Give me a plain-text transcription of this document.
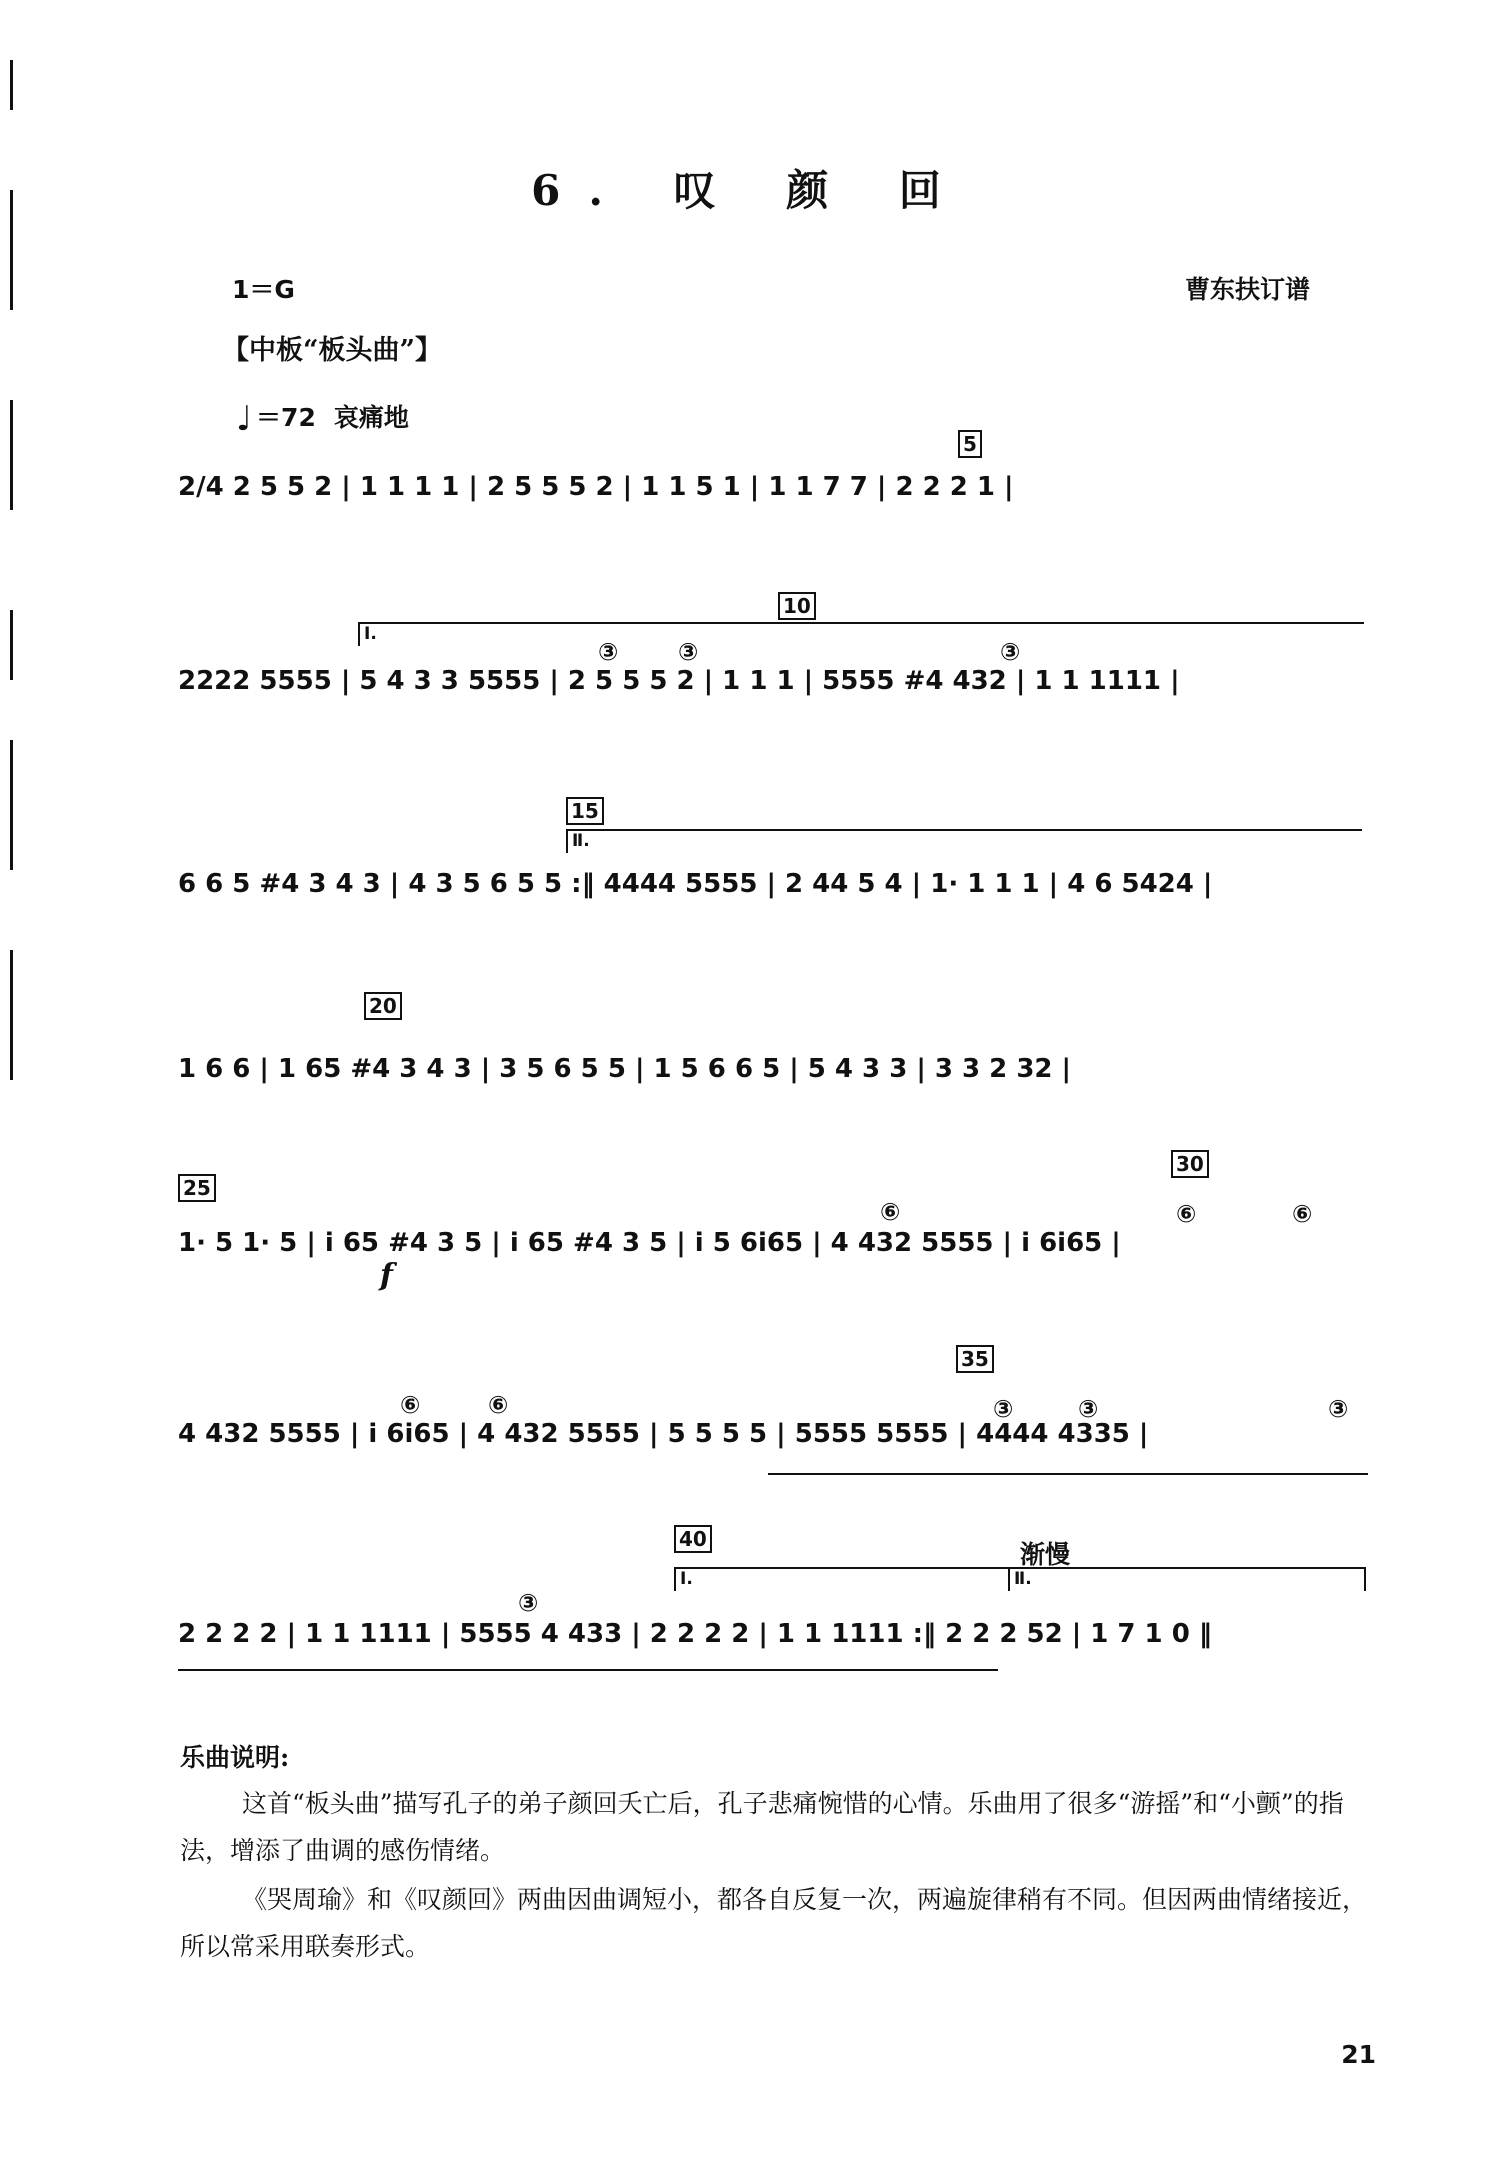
6. 叹 颜 回
1＝G	曹东扶订谱
【中板“板头曲”】
♩ ＝72 哀痛地
5
2/4 2 5 5 2 | 1 1 1 1 | 2 5 5 5 2 | 1 1 5 1 | 1 1 7 7 | 2 2 2 1 |
10
Ⅰ.
③ ③	③
2222 5555 | 5 4 3 3 5555 | 2 5 5 5 2 | 1 1 1 | 5555 #4 432 | 1 1 1111 |
15
Ⅱ.
6 6 5 #4 3 4 3 | 4 3 5 6 5 5 :‖ 4444 5555 | 2 44 5 4 | 1· 1 1 1 | 4 6 5424 |
20
1 6 6 | 1 65 #4 3 4 3 | 3 5 6 5 5 | 1 5 6 6 5 | 5 4 3 3 | 3 3 2 32 |
30
25
⑥	⑥	⑥
1· 5 1· 5 | i 65 #4 3 5 | i 65 #4 3 5 | i 5 6i65 | 4 432 5555 | i 6i65 |
f
35
⑥	⑥	③	③	③
4 432 5555 | i 6i65 | 4 432 5555 | 5 5 5 5 | 5555 5555 | 4444 4335 |
40
Ⅰ.
渐慢
Ⅱ.
③
2 2 2 2 | 1 1 1111 | 5555 4 433 | 2 2 2 2 | 1 1 1111 :‖ 2 2 2 52 | 1 7 1 0 ‖
乐曲说明:
这首“板头曲”描写孔子的弟子颜回夭亡后，孔子悲痛惋惜的心情。乐曲用了很多“游摇”和“小颤”的指法，增添了曲调的感伤情绪。
《哭周瑜》和《叹颜回》两曲因曲调短小，都各自反复一次，两遍旋律稍有不同。但因两曲情绪接近，所以常采用联奏形式。
21
